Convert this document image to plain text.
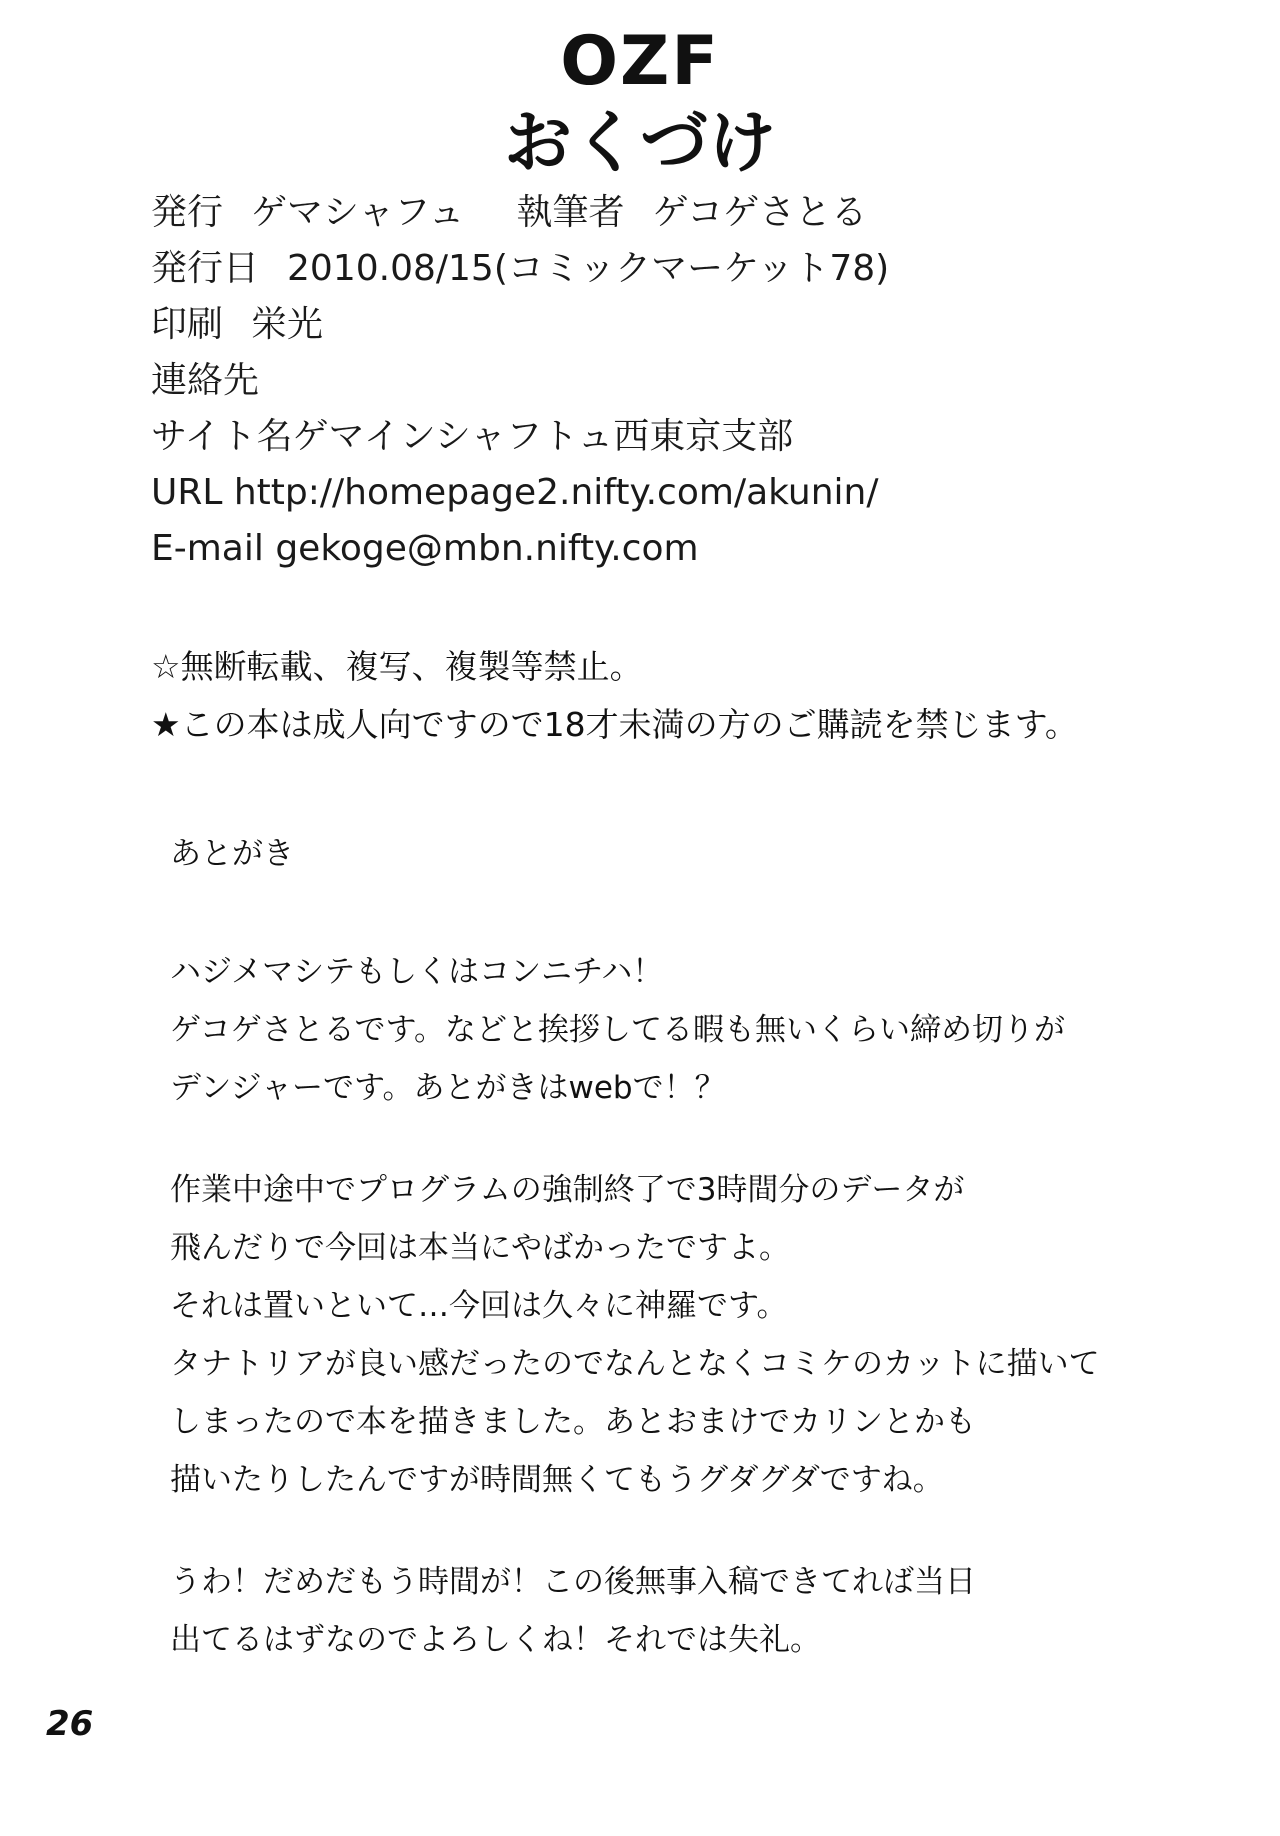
OZF
おくづけ
発行 ゲマシャフュ 執筆者 ゲコゲさとる
発行日 2010.08/15(コミックマーケット78)
印刷 栄光
連絡先
サイト名ゲマインシャフトュ西東京支部
URL http://homepage2.nifty.com/akunin/
E-mail gekoge@mbn.nifty.com
☆無断転載、複写、複製等禁止。
★この本は成人向ですので18才未満の方のご購読を禁じます。
あとがき
ハジメマシテもしくはコンニチハ！
ゲコゲさとるです。などと挨拶してる暇も無いくらい締め切りが
デンジャーです。あとがきはwebで！？
作業中途中でプログラムの強制終了で3時間分のデータが
飛んだりで今回は本当にやばかったですよ。
それは置いといて…今回は久々に神羅です。
タナトリアが良い感だったのでなんとなくコミケのカットに描いて
しまったので本を描きました。あとおまけでカリンとかも
描いたりしたんですが時間無くてもうグダグダですね。
うわ！だめだもう時間が！この後無事入稿できてれば当日
出てるはずなのでよろしくね！それでは失礼。
26
